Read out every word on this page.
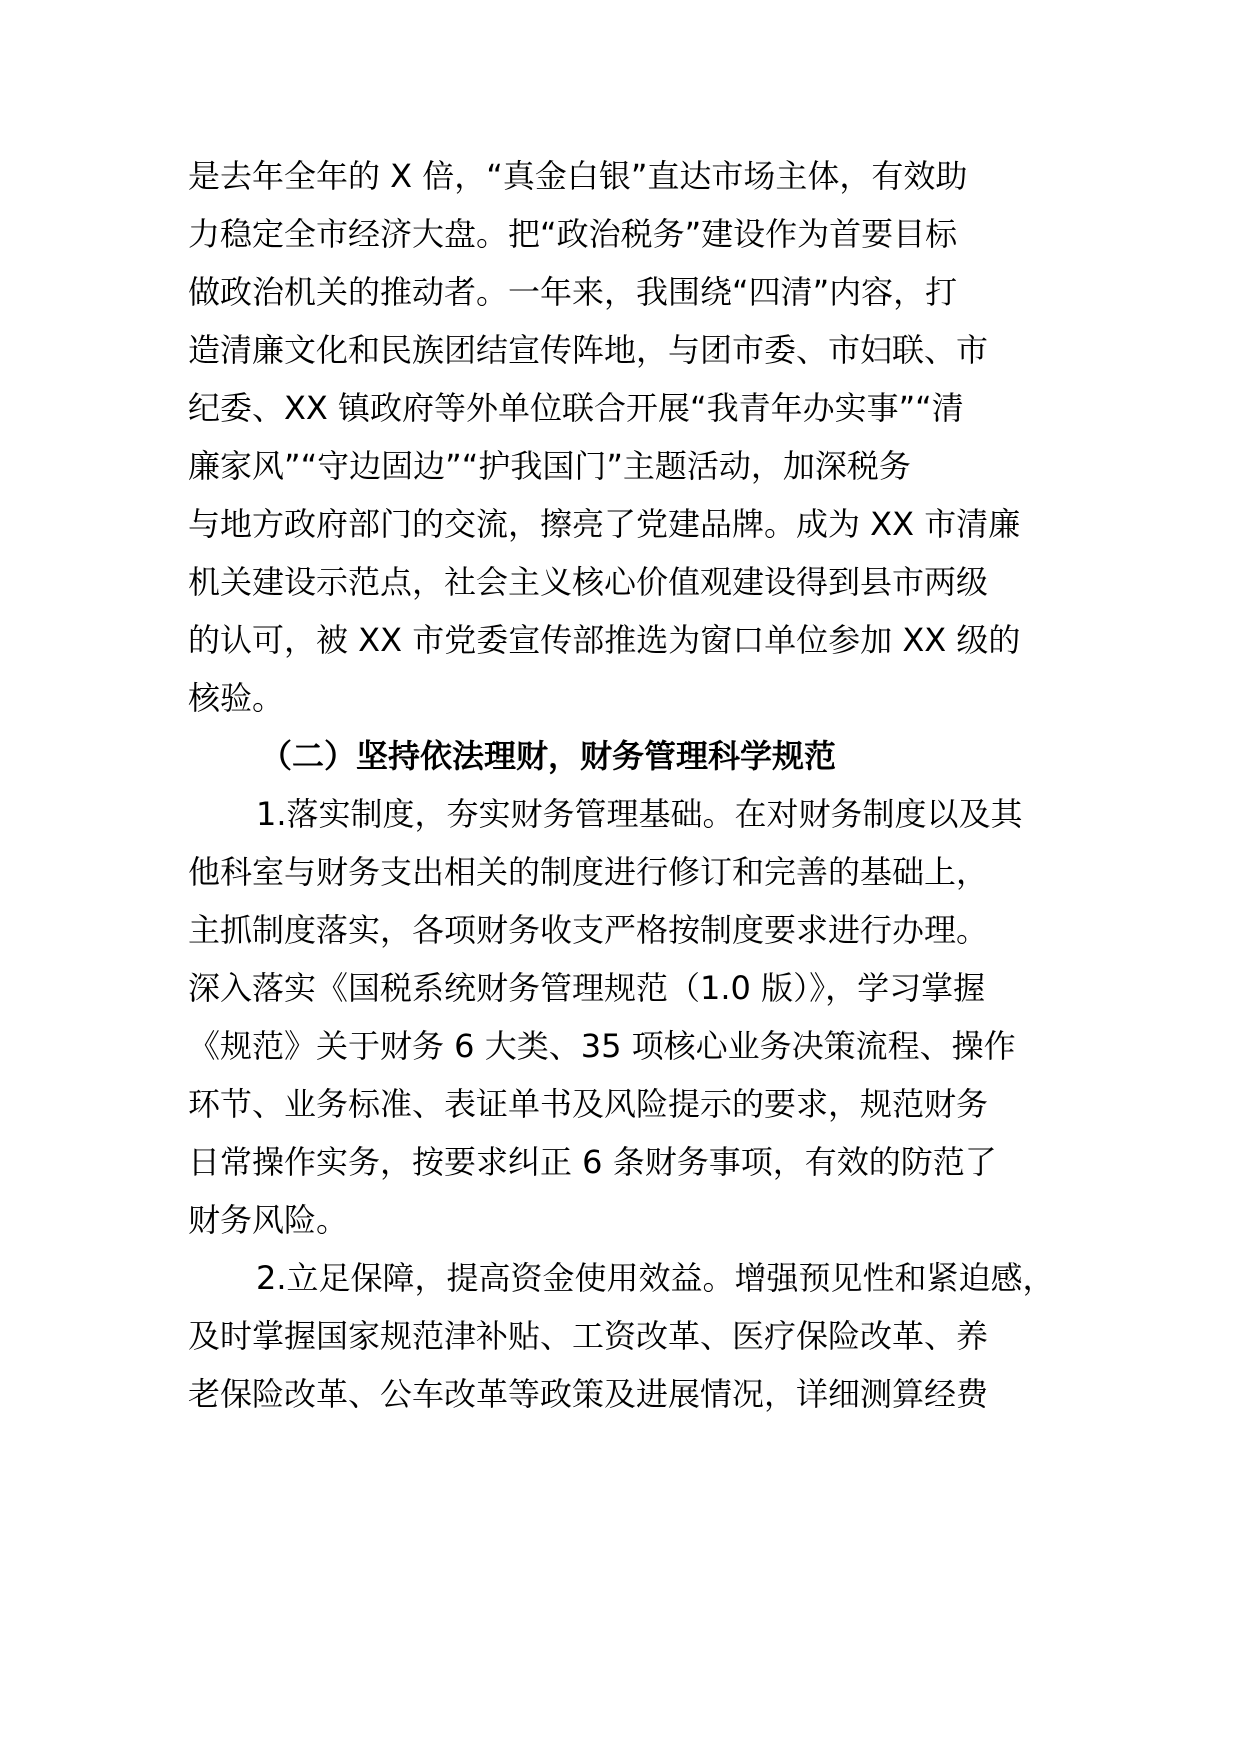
是去年全年的 X 倍，“真金白银”直达市场主体，有效助
力稳定全市经济大盘。把“政治税务”建设作为首要目标
做政治机关的推动者。一年来，我围绕“四清”内容，打
造清廉文化和民族团结宣传阵地，与团市委、市妇联、市
纪委、XX 镇政府等外单位联合开展“我青年办实事”“清
廉家风”“守边固边”“护我国门”主题活动，加深税务
与地方政府部门的交流，擦亮了党建品牌。成为 XX 市清廉
机关建设示范点，社会主义核心价值观建设得到县市两级
的认可，被 XX 市党委宣传部推选为窗口单位参加 XX 级的
核验。
（二）坚持依法理财，财务管理科学规范
1.落实制度，夯实财务管理基础。在对财务制度以及其
他科室与财务支出相关的制度进行修订和完善的基础上，
主抓制度落实，各项财务收支严格按制度要求进行办理。
深入落实《国税系统财务管理规范（1.0 版）》，学习掌握
《规范》关于财务 6 大类、35 项核心业务决策流程、操作
环节、业务标准、表证单书及风险提示的要求，规范财务
日常操作实务，按要求纠正 6 条财务事项，有效的防范了
财务风险。
2.立足保障，提高资金使用效益。增强预见性和紧迫感，
及时掌握国家规范津补贴、工资改革、医疗保险改革、养
老保险改革、公车改革等政策及进展情况，详细测算经费
